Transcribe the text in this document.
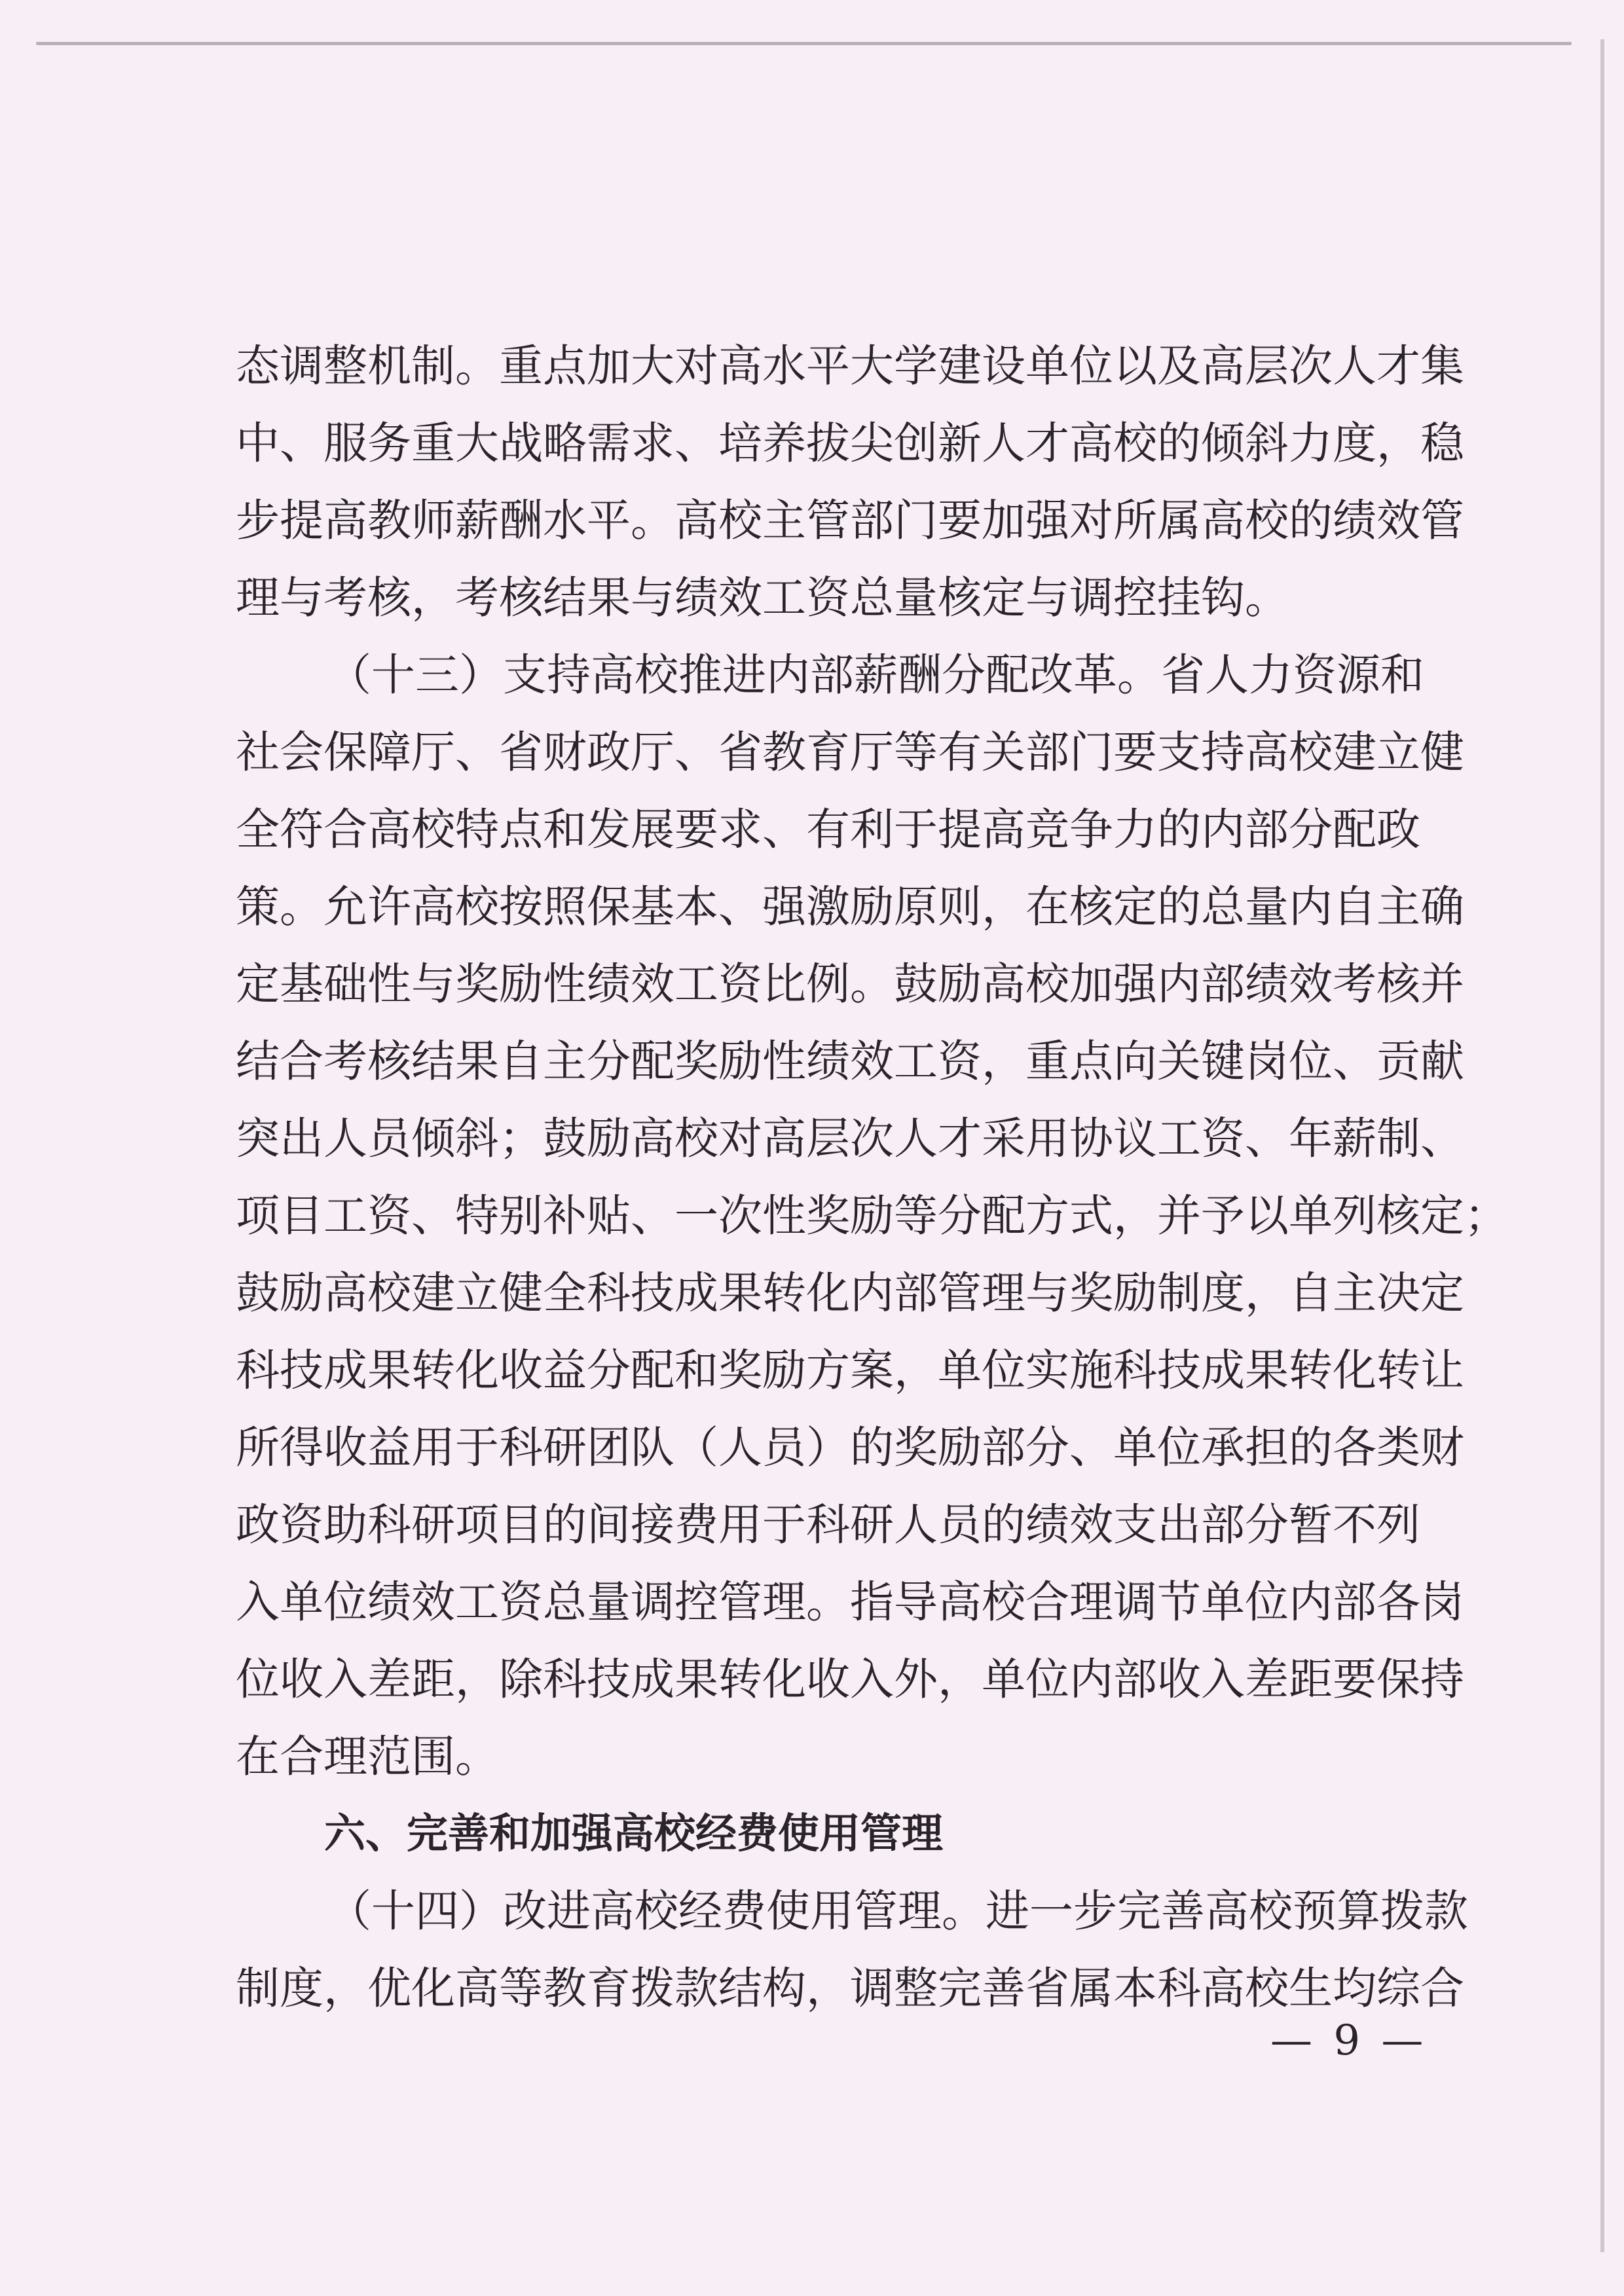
态调整机制。重点加大对高水平大学建设单位以及高层次人才集
中、服务重大战略需求、培养拔尖创新人才高校的倾斜力度，稳
步提高教师薪酬水平。高校主管部门要加强对所属高校的绩效管
理与考核，考核结果与绩效工资总量核定与调控挂钩。
（十三）支持高校推进内部薪酬分配改革。省人力资源和
社会保障厅、省财政厅、省教育厅等有关部门要支持高校建立健
全符合高校特点和发展要求、有利于提高竞争力的内部分配政
策。允许高校按照保基本、强激励原则，在核定的总量内自主确
定基础性与奖励性绩效工资比例。鼓励高校加强内部绩效考核并
结合考核结果自主分配奖励性绩效工资，重点向关键岗位、贡献
突出人员倾斜；鼓励高校对高层次人才采用协议工资、年薪制、
项目工资、特别补贴、一次性奖励等分配方式，并予以单列核定；
鼓励高校建立健全科技成果转化内部管理与奖励制度，自主决定
科技成果转化收益分配和奖励方案，单位实施科技成果转化转让
所得收益用于科研团队（人员）的奖励部分、单位承担的各类财
政资助科研项目的间接费用于科研人员的绩效支出部分暂不列
入单位绩效工资总量调控管理。指导高校合理调节单位内部各岗
位收入差距，除科技成果转化收入外，单位内部收入差距要保持
在合理范围。
六、完善和加强高校经费使用管理
（十四）改进高校经费使用管理。进一步完善高校预算拨款
制度，优化高等教育拨款结构，调整完善省属本科高校生均综合
— 9 —
